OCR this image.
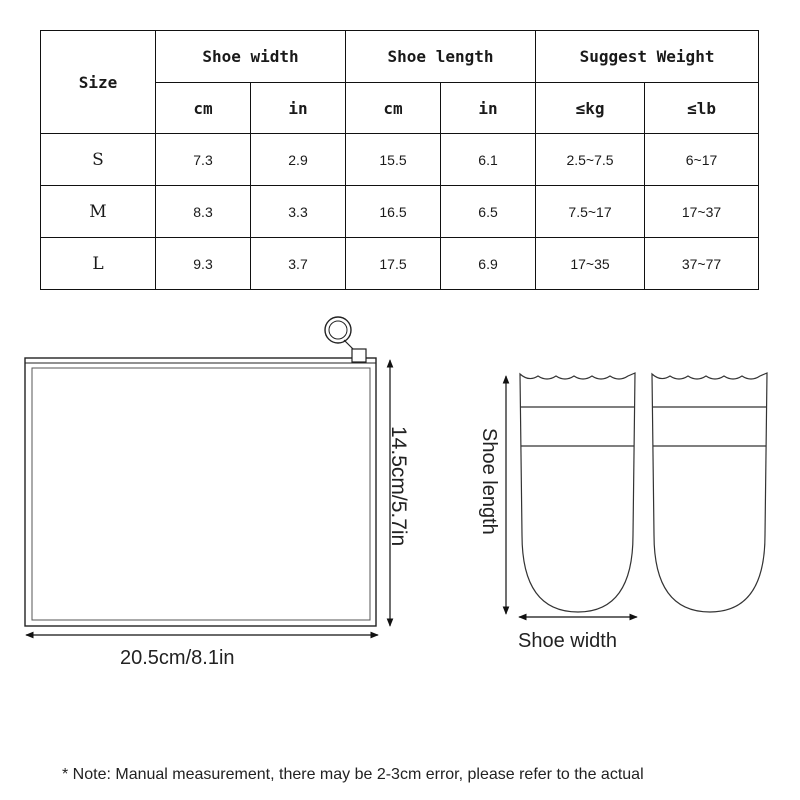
Size	Shoe width		Shoe length		Suggest Weight	
	cm	in	cm	in	≤kg	≤lb
S	7.3	2.9	15.5	6.1	2.5~7.5	6~17
M	8.3	3.3	16.5	6.5	7.5~17	17~37
L	9.3	3.7	17.5	6.9	17~35	37~77
20.5cm/8.1in
14.5cm/5.7in	Shoe length
Shoe width
* Note: Manual measurement, there may be 2-3cm error, please refer to the actual
